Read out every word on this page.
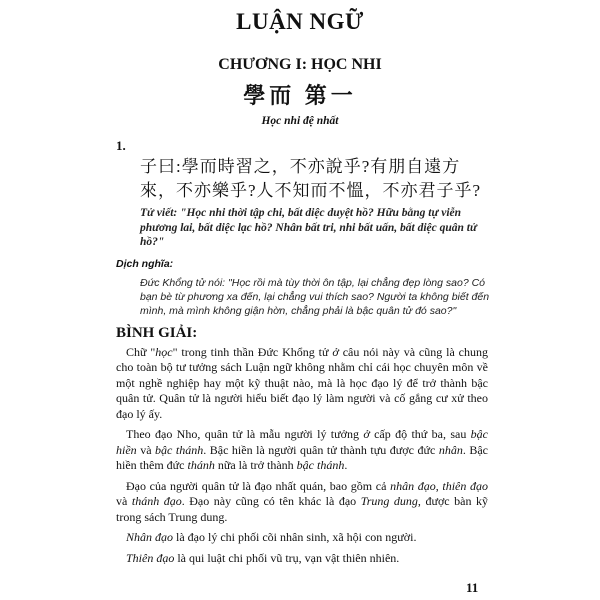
LUẬN NGỮ
CHƯƠNG I: HỌC NHI
學而 第一
Học nhi đệ nhất
1.
子曰:學而時習之，不亦說乎?有朋自遠方來，不亦樂乎?人不知而不慍，不亦君子乎?
Tử viết: "Học nhi thời tập chi, bất diệc duyệt hồ? Hữu bằng tự viễn phương lai, bất diệc lạc hồ? Nhân bất tri, nhi bất uấn, bất diệc quân tử hồ?"
Dịch nghĩa:
Đức Khổng tử nói: "Học rồi mà tùy thời ôn tập, lại chẳng đẹp lòng sao? Có bạn bè từ phương xa đến, lại chẳng vui thích sao? Người ta không biết đến mình, mà mình không giận hờn, chẳng phải là bậc quân tử đó sao?"
BÌNH GIẢI:

Chữ "học" trong tinh thần Đức Khổng tử ở câu nói này và cũng là chung cho toàn bộ tư tưởng sách Luận ngữ không nhằm chỉ cái học chuyên môn về một nghề nghiệp hay một kỹ thuật nào, mà là học đạo lý để trở thành bậc quân tử. Quân tử là người hiểu biết đạo lý làm người và cố gắng cư xử theo đạo lý ấy.

Theo đạo Nho, quân tử là mẫu người lý tưởng ở cấp độ thứ ba, sau bậc hiền và bậc thánh. Bậc hiền là người quân tử thành tựu được đức nhân. Bậc hiền thêm đức thánh nữa là trở thành bậc thánh.

Đạo của người quân tử là đạo nhất quán, bao gồm cả nhân đạo, thiên đạo và thánh đạo. Đạo này cũng có tên khác là đạo Trung dung, được bàn kỹ trong sách Trung dung.

Nhân đạo là đạo lý chi phối cõi nhân sinh, xã hội con người.

Thiên đạo là qui luật chi phối vũ trụ, vạn vật thiên nhiên.

11
